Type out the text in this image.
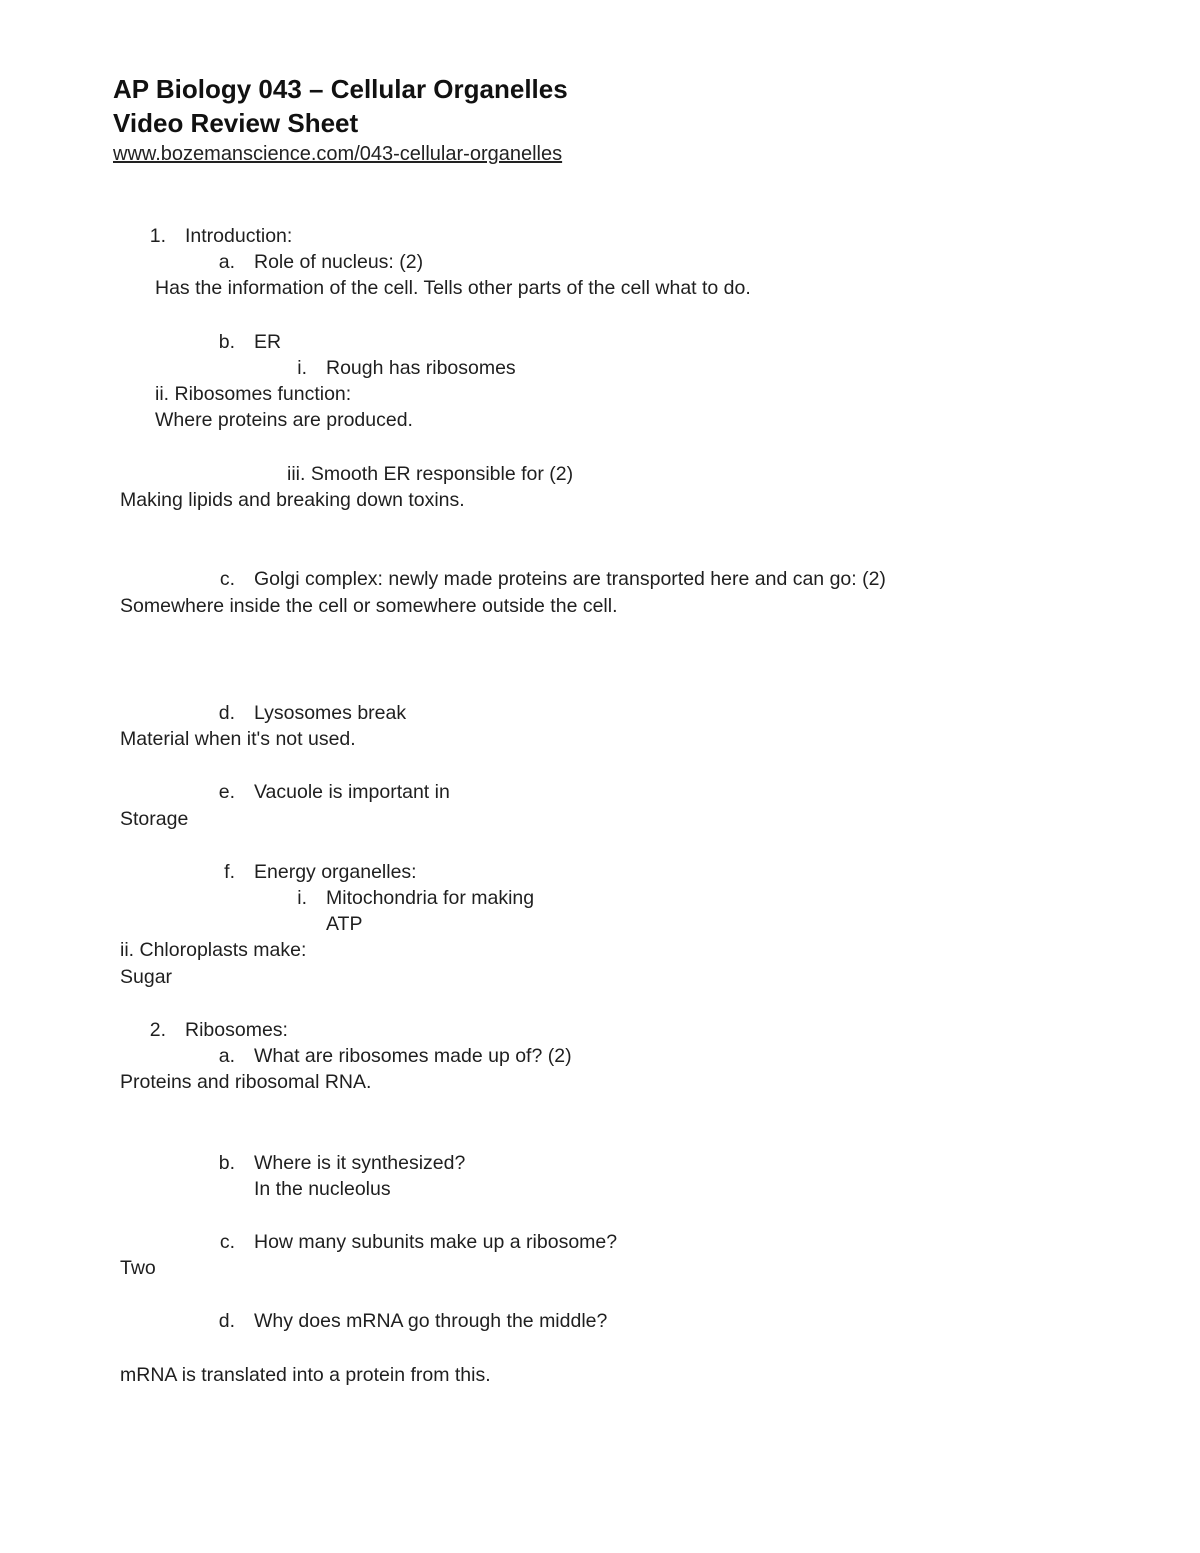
AP Biology 043 – Cellular Organelles
Video Review Sheet
www.bozemanscience.com/043-cellular-organelles
1. Introduction:
a. Role of nucleus: (2)
Has the information of the cell. Tells other parts of the cell what to do.
b. ER
i. Rough has ribosomes
ii. Ribosomes function:
Where proteins are produced.
iii. Smooth ER responsible for (2)
Making lipids and breaking down toxins.
c. Golgi complex: newly made proteins are transported here and can go: (2)
Somewhere inside the cell or somewhere outside the cell.
d. Lysosomes break
Material when it's not used.
e. Vacuole is important in
Storage
f. Energy organelles:
i. Mitochondria for making
ATP
ii. Chloroplasts make:
Sugar
2. Ribosomes:
a. What are ribosomes made up of? (2)
Proteins and ribosomal RNA.
b. Where is it synthesized?
In the nucleolus
c. How many subunits make up a ribosome?
Two
d. Why does mRNA go through the middle?
mRNA is translated into a protein from this.
